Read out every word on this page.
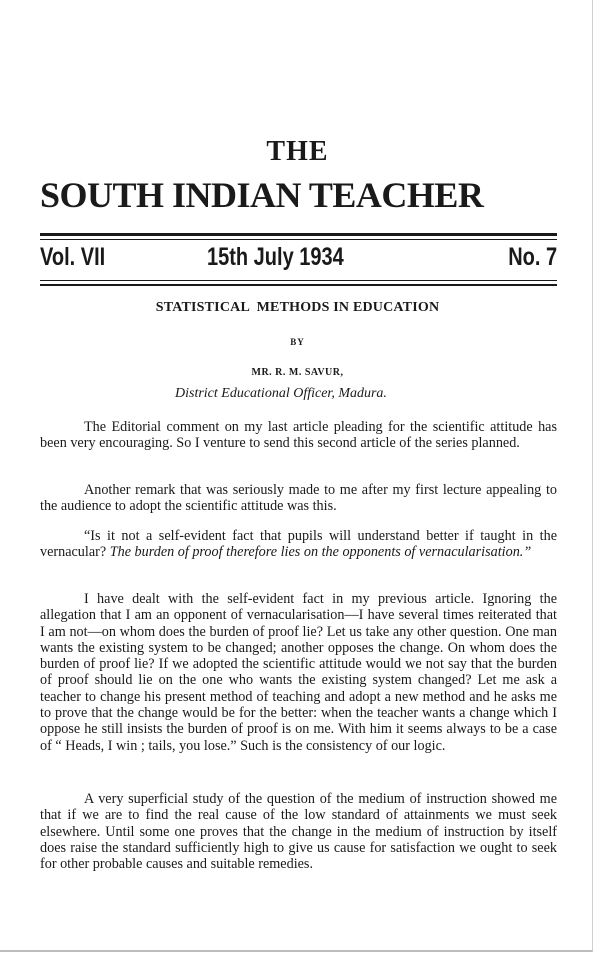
THE
SOUTH INDIAN TEACHER
Vol. VII	15th July 1934	No. 7
STATISTICAL  METHODS IN EDUCATION
BY
MR. R. M. SAVUR,
District Educational Officer, Madura.

The Editorial comment on my last article pleading for the scientific attitude has been very encouraging. So I venture to send this second article of the series planned.

Another remark that was seriously made to me after my first lecture appealing to the audience to adopt the scientific attitude was this.

“Is it not a self-evident fact that pupils will understand better if taught in the vernacular? The burden of proof therefore lies on the opponents of vernacularisation.”

I have dealt with the self-evident fact in my previous article. Ignoring the allegation that I am an opponent of vernacularisation—I have several times reiterated that I am not—on whom does the burden of proof lie? Let us take any other question. One man wants the existing system to be changed; another opposes the change. On whom does the burden of proof lie? If we adopted the scientific attitude would we not say that the burden of proof should lie on the one who wants the existing system changed? Let me ask a teacher to change his present method of teaching and adopt a new method and he asks me to prove that the change would be for the better: when the teacher wants a change which I oppose he still insists the burden of proof is on me. With him it seems always to be a case of “ Heads, I win ; tails, you lose.” Such is the consistency of our logic.

A very superficial study of the question of the medium of instruction showed me that if we are to find the real cause of the low standard of attainments we must seek elsewhere. Until some one proves that the change in the medium of instruction by itself does raise the standard sufficiently high to give us cause for satisfaction we ought to seek for other probable causes and suitable remedies.
